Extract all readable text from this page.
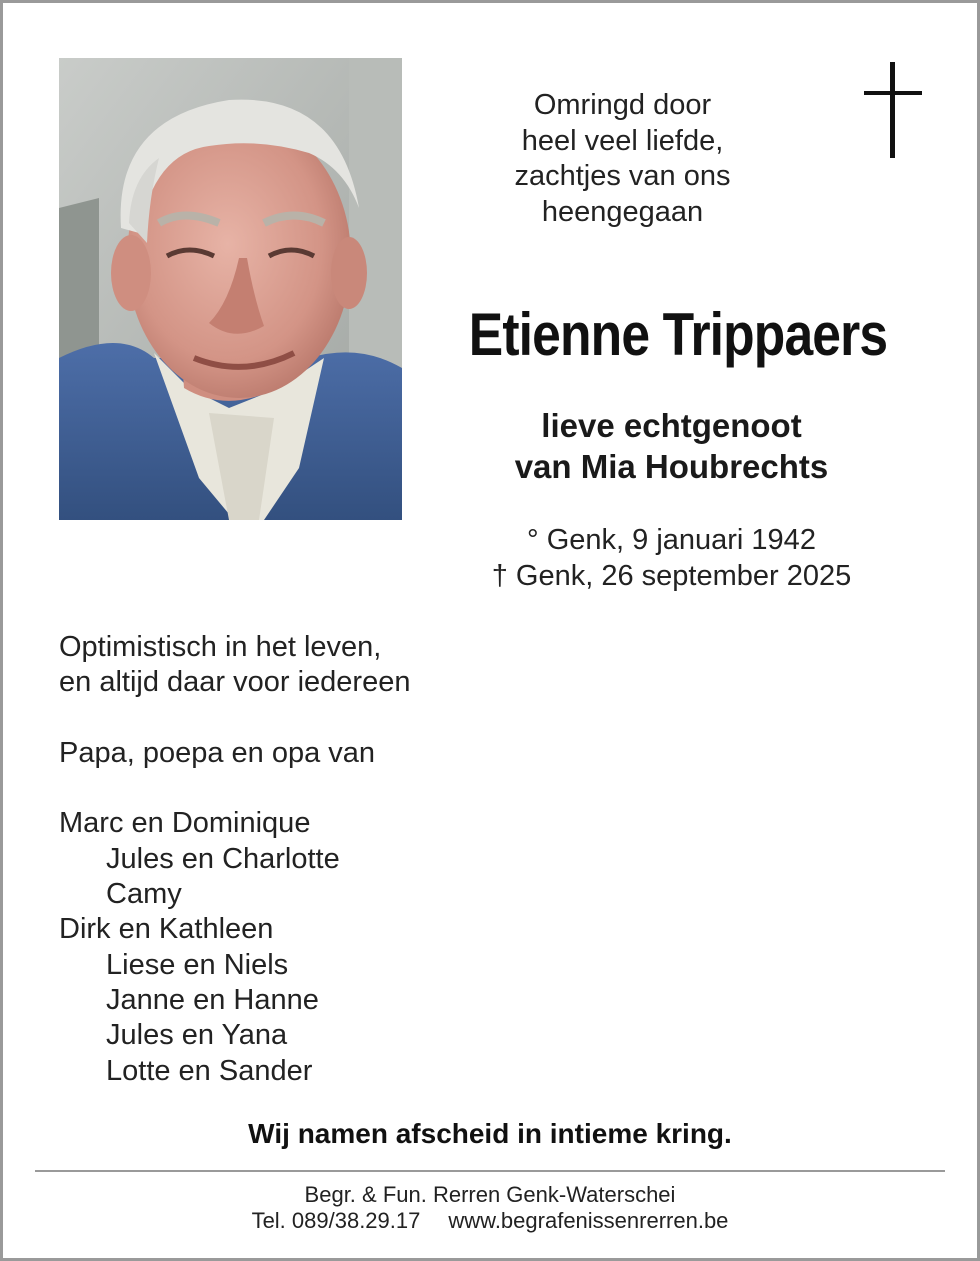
Omringd door
heel veel liefde,
zachtjes van ons
heengegaan
Etienne Trippaers
lieve echtgenoot
van Mia Houbrechts
° Genk, 9 januari 1942
† Genk, 26 september 2025
Optimistisch in het leven,
en altijd daar voor iedereen
Papa, poepa en opa van
Marc en Dominique
Jules en Charlotte
Camy
Dirk en Kathleen
Liese en Niels
Janne en Hanne
Jules en Yana
Lotte en Sander
Wij namen afscheid in intieme kring.
Begr. & Fun. Rerren Genk-Waterschei
Tel. 089/38.29.17 www.begrafenissenrerren.be
